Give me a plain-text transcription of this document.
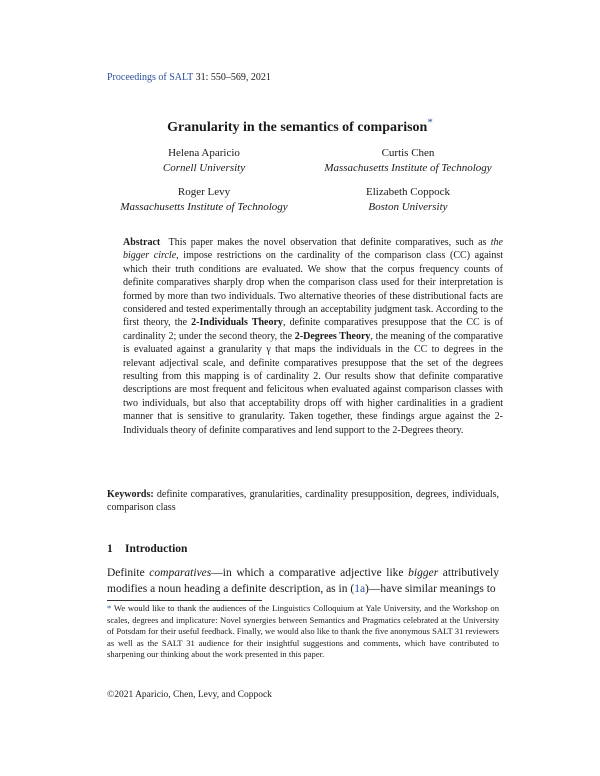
Proceedings of SALT 31: 550–569, 2021
Granularity in the semantics of comparison*
Helena Aparicio
Cornell University
Curtis Chen
Massachusetts Institute of Technology
Roger Levy
Massachusetts Institute of Technology
Elizabeth Coppock
Boston University
Abstract This paper makes the novel observation that definite comparatives, such as the bigger circle, impose restrictions on the cardinality of the comparison class (CC) against which their truth conditions are evaluated. We show that the corpus frequency counts of definite comparatives sharply drop when the comparison class used for their interpretation is formed by more than two individuals. Two alternative theories of these distributional facts are considered and tested experimentally through an acceptability judgment task. According to the first theory, the 2-Individuals Theory, definite comparatives presuppose that the CC is of cardinality 2; under the second theory, the 2-Degrees Theory, the meaning of the comparative is evaluated against a granularity γ that maps the individuals in the CC to degrees in the relevant adjectival scale, and definite comparatives presuppose that the set of the degrees resulting from this mapping is of cardinality 2. Our results show that definite comparative descriptions are most frequent and felicitous when evaluated against comparison classes with two individuals, but also that acceptability drops off with higher cardinalities in a gradient manner that is sensitive to granularity. Taken together, these findings argue against the 2-Individuals theory of definite comparatives and lend support to the 2-Degrees theory.
Keywords: definite comparatives, granularities, cardinality presupposition, degrees, individuals, comparison class
1 Introduction
Definite comparatives—in which a comparative adjective like bigger attributively modifies a noun heading a definite description, as in (1a)—have similar meanings to
* We would like to thank the audiences of the Linguistics Colloquium at Yale University, and the Workshop on scales, degrees and implicature: Novel synergies between Semantics and Pragmatics celebrated at the University of Potsdam for their useful feedback. Finally, we would also like to thank the five anonymous SALT 31 reviewers as well as the SALT 31 audience for their insightful suggestions and comments, which have contributed to sharpening our thinking about the work presented in this paper.
©2021 Aparicio, Chen, Levy, and Coppock
